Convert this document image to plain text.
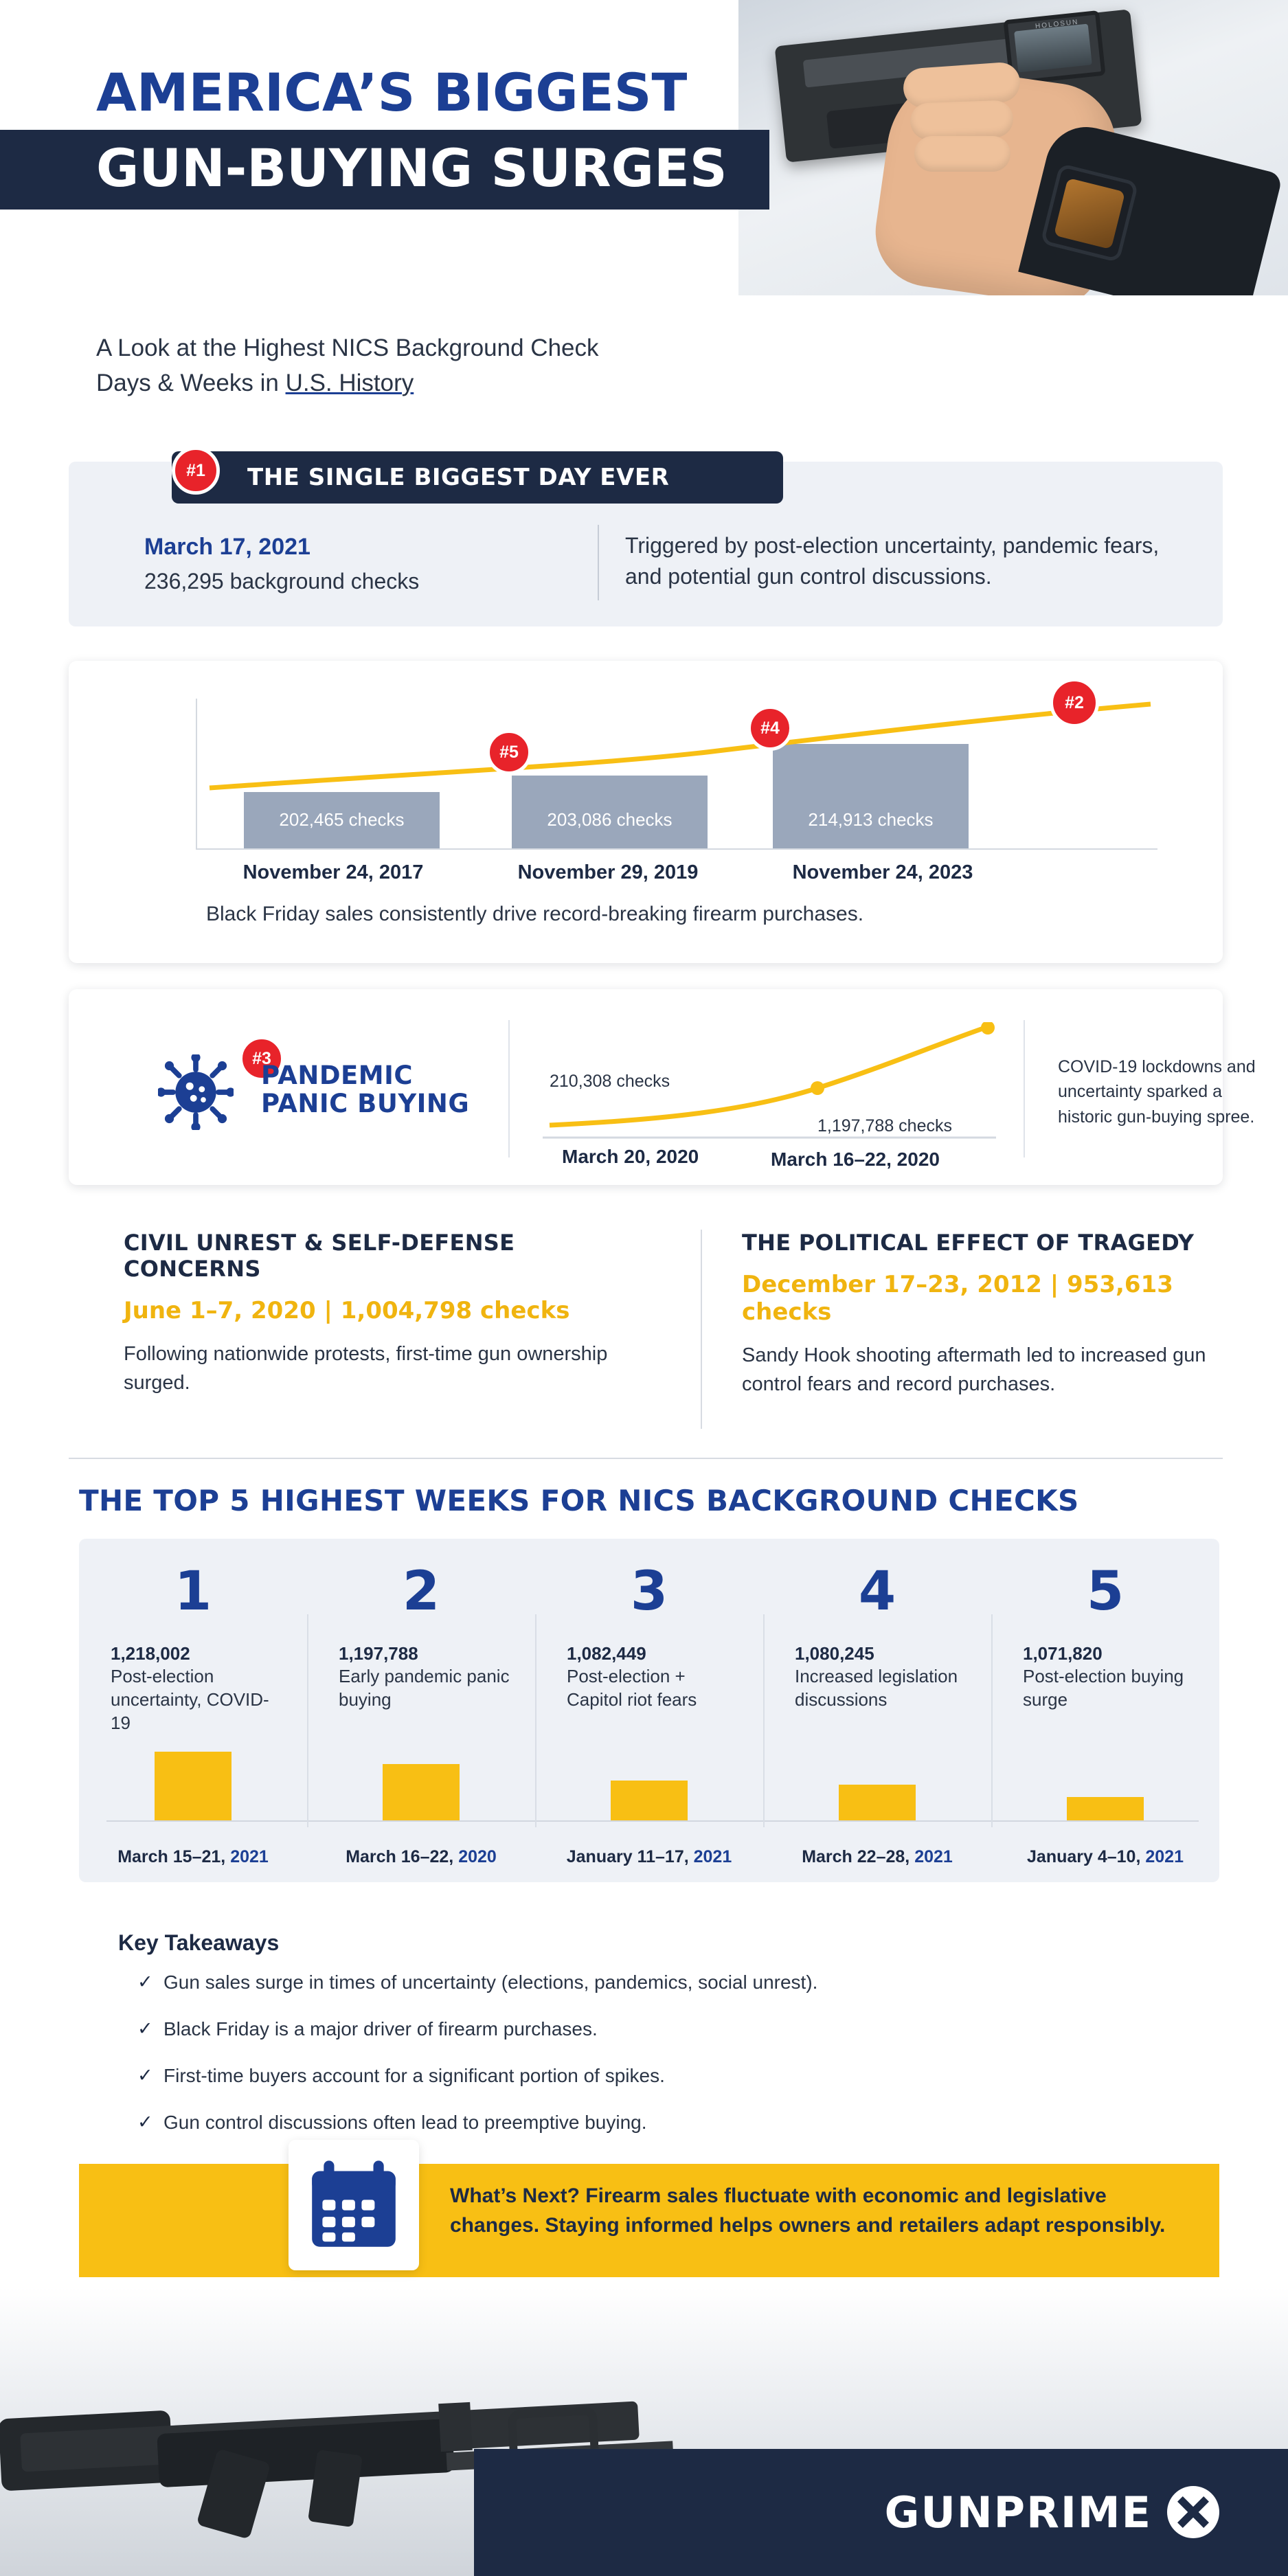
HOLOSUN
AMERICA’S BIGGEST
GUN-BUYING SURGES
A Look at the Highest NICS Background Check
Days & Weeks in U.S. History
THE SINGLE BIGGEST DAY EVER
#1
March 17, 2021
236,295 background checks
Triggered by post-election uncertainty, pandemic fears, and potential gun control discussions.
202,465 checks	203,086 checks	214,913 checks
#5
#4
#2
November 24, 2017	November 29, 2019	November 24, 2023
Black Friday sales consistently drive record-breaking firearm purchases.
#3
PANDEMIC
PANIC BUYING
210,308 checks
1,197,788 checks
March 20, 2020	March 16–22, 2020
COVID-19 lockdowns and uncertainty sparked a historic gun-buying spree.
CIVIL UNREST & SELF-DEFENSE CONCERNS
June 1–7, 2020 | 1,004,798 checks

Following nationwide protests, first-time gun ownership surged.

THE POLITICAL EFFECT OF TRAGEDY
December 17–23, 2012 | 953,613 checks

Sandy Hook shooting aftermath led to increased gun control fears and record purchases.

THE TOP 5 HIGHEST WEEKS FOR NICS BACKGROUND CHECKS
1
1,218,002
Post-election uncertainty, COVID-19
March 15–21, 2021
2
1,197,788
Early pandemic panic buying
March 16–22, 2020
3
1,082,449
Post-election + Capitol riot fears
January 11–17, 2021
4
1,080,245
Increased legislation discussions
March 22–28, 2021
5
1,071,820
Post-election buying surge
January 4–10, 2021
Key Takeaways
✓ Gun sales surge in times of uncertainty (elections, pandemics, social unrest).
✓ Black Friday is a major driver of firearm purchases.
✓ First-time buyers account for a significant portion of spikes.
✓ Gun control discussions often lead to preemptive buying.
What’s Next? Firearm sales fluctuate with economic and legislative changes. Staying informed helps owners and retailers adapt responsibly.
GUNPRIME
